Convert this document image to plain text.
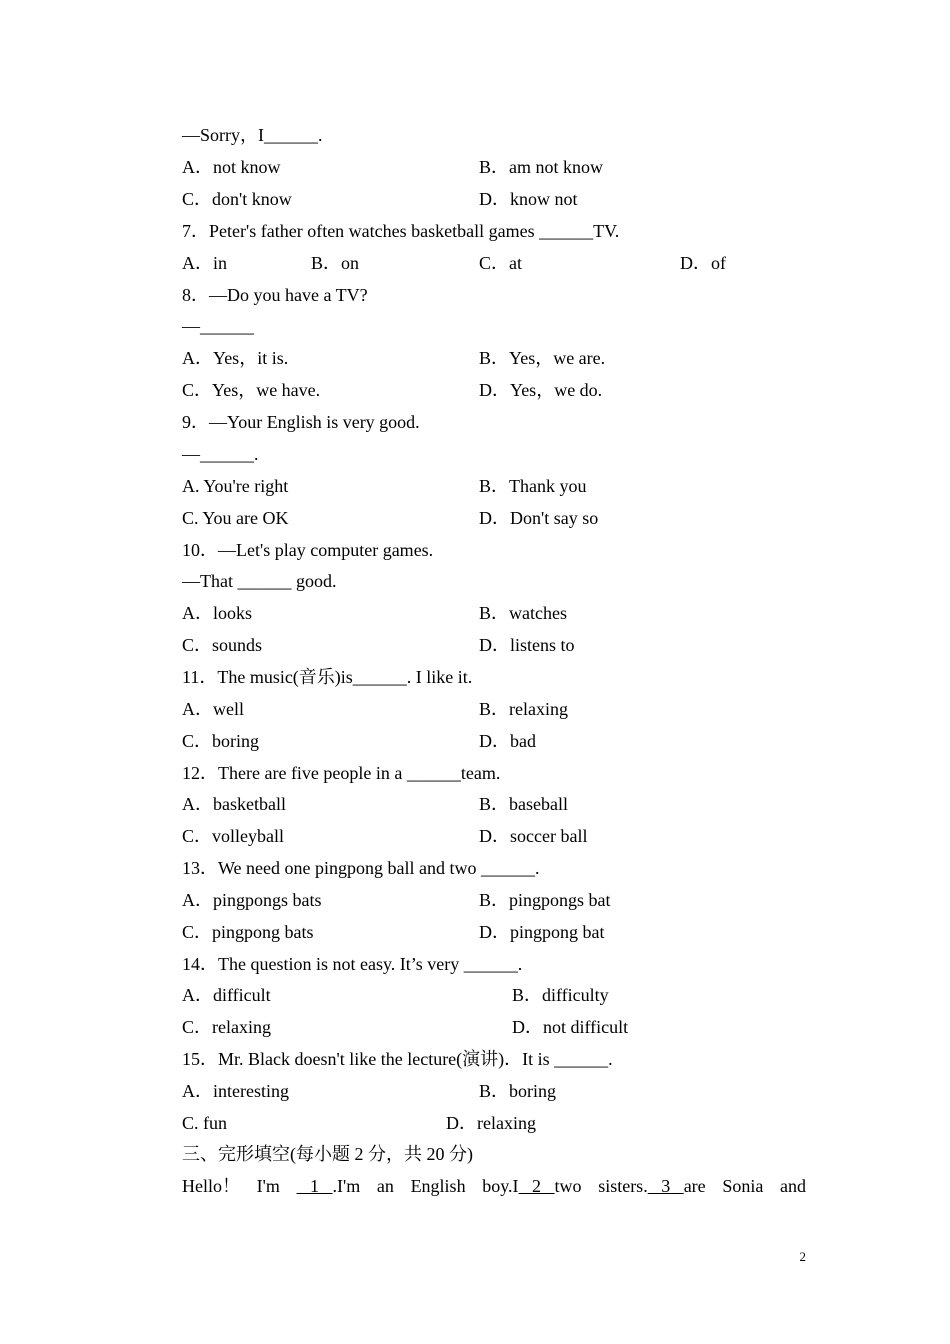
—Sorry，I______.
A．not know	B．am not know
C．don't know	D．know not
7．Peter's father often watches basketball games ______TV.
A．in	B．on	C．at	D．of
8．—Do you have a TV?
—______
A．Yes，it is.	B．Yes，we are.
C．Yes，we have.	D．Yes，we do.
9．—Your English is very good.
—______.
A. You're right	B．Thank you
C. You are OK	D．Don't say so
10．—Let's play computer games.
—That ______ good.
A．looks	B．watches
C．sounds	D．listens to
11．The music(音乐)is______. I like it.
A．well	B．relaxing
C．boring	D．bad
12．There are five people in a ______team.
A．basketball	B．baseball
C．volleyball	D．soccer ball
13．We need one pingpong ball and two ______.
A．pingpongs bats	B．pingpongs bat
C．pingpong bats	D．pingpong bat
14．The question is not easy. It’s very ______.
A．difficult	B．difficulty
C．relaxing	D．not difficult
15．Mr. Black doesn't like the lecture(演讲)．It is ______.
A．interesting	B．boring
C. fun	D．relaxing
三、完形填空(每小题 2 分，共 20 分)
Hello！ I'm	1 .I'm an English boy.I 2 two sisters. 3 are Sonia and
2
